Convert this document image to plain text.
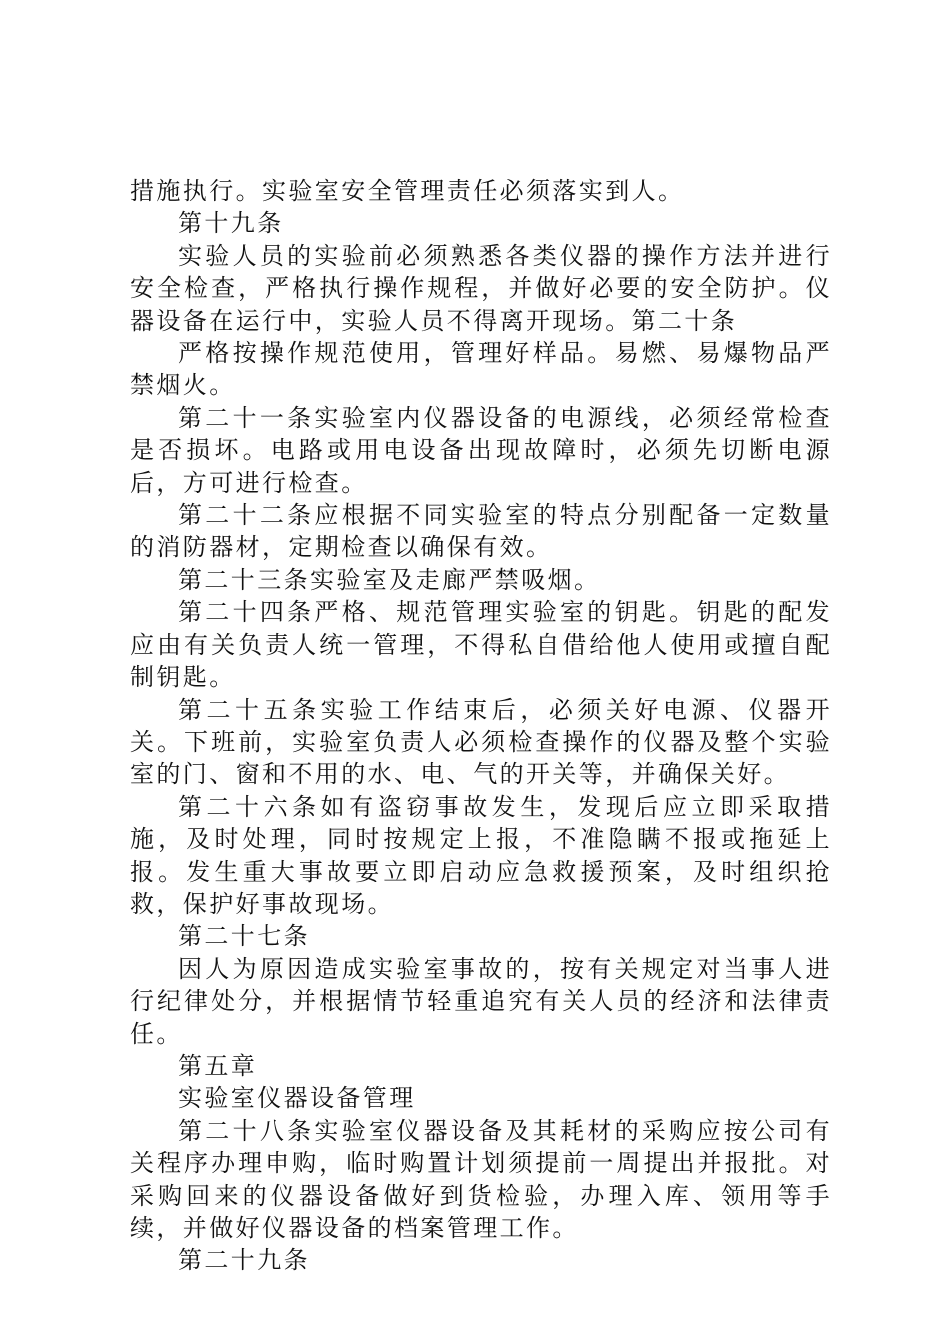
措施执行。实验室安全管理责任必须落实到人。

第十九条

实验人员的实验前必须熟悉各类仪器的操作方法并进行安全检查，严格执行操作规程，并做好必要的安全防护。仪器设备在运行中，实验人员不得离开现场。第二十条

严格按操作规范使用，管理好样品。易燃、易爆物品严禁烟火。

第二十一条实验室内仪器设备的电源线，必须经常检查是否损坏。电路或用电设备出现故障时，必须先切断电源后，方可进行检查。

第二十二条应根据不同实验室的特点分别配备一定数量的消防器材，定期检查以确保有效。

第二十三条实验室及走廊严禁吸烟。

第二十四条严格、规范管理实验室的钥匙。钥匙的配发应由有关负责人统一管理，不得私自借给他人使用或擅自配制钥匙。

第二十五条实验工作结束后，必须关好电源、仪器开关。下班前，实验室负责人必须检查操作的仪器及整个实验室的门、窗和不用的水、电、气的开关等，并确保关好。

第二十六条如有盗窃事故发生，发现后应立即采取措施，及时处理，同时按规定上报，不准隐瞒不报或拖延上报。发生重大事故要立即启动应急救援预案，及时组织抢救，保护好事故现场。

第二十七条

因人为原因造成实验室事故的，按有关规定对当事人进行纪律处分，并根据情节轻重追究有关人员的经济和法律责任。

第五章

实验室仪器设备管理

第二十八条实验室仪器设备及其耗材的采购应按公司有关程序办理申购，临时购置计划须提前一周提出并报批。对采购回来的仪器设备做好到货检验，办理入库、领用等手续，并做好仪器设备的档案管理工作。

第二十九条
